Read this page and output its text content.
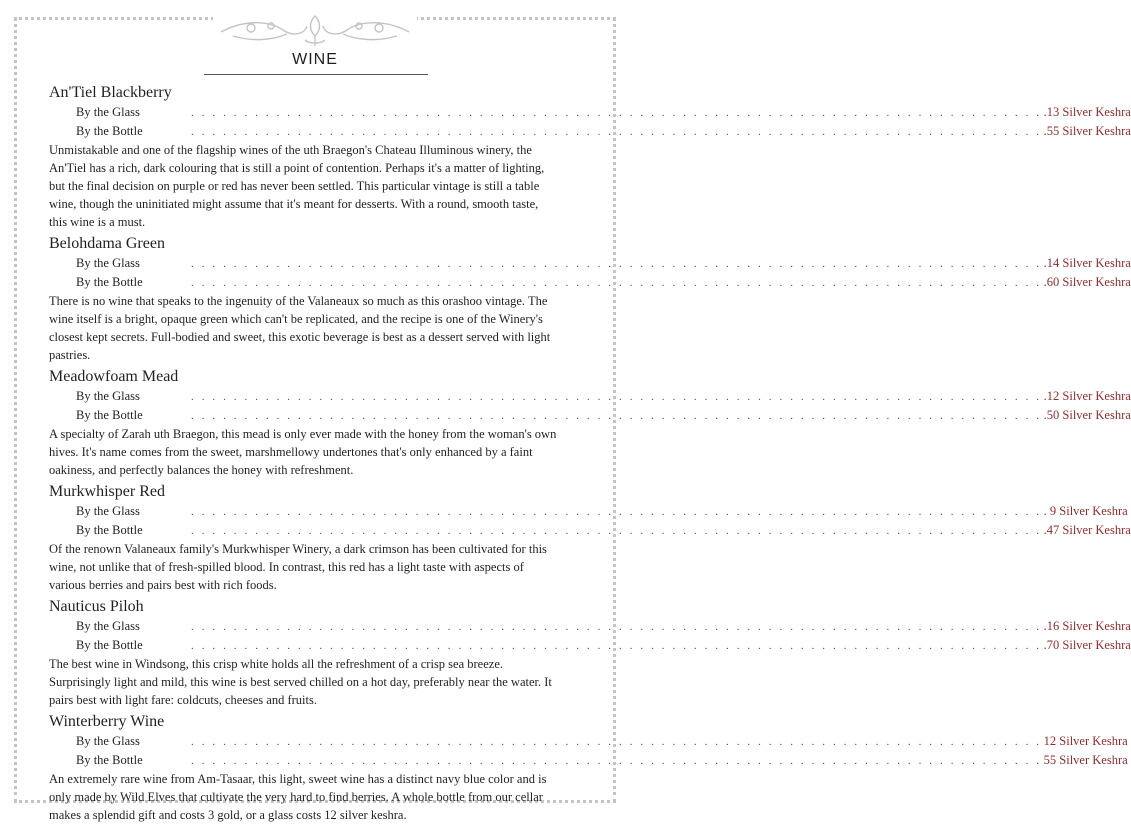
WINE
An'Tiel Blackberry
By the Glass	. . . . . . . . . . . . . . . . . . . . . . . . . . . . . . . . . . . . . . . . . . . . . . . . . . . . . . . . . . . . . . . . . . . . . . . . . . . . . . . . .13 Silver Keshra
By the Bottle	. . . . . . . . . . . . . . . . . . . . . . . . . . . . . . . . . . . . . . . . . . . . . . . . . . . . . . . . . . . . . . . . . . . . . . . . . . . . . . . . .55 Silver Keshra
Unmistakable and one of the flagship wines of the uth Braegon's Chateau Illuminous winery, the An'Tiel has a rich, dark colouring that is still a point of contention. Perhaps it's a matter of lighting, but the final decision on purple or red has never been settled. This particular vintage is still a table wine, though the uninitiated might assume that it's meant for desserts. With a round, smooth taste, this wine is a must.
Belohdama Green
By the Glass	. . . . . . . . . . . . . . . . . . . . . . . . . . . . . . . . . . . . . . . . . . . . . . . . . . . . . . . . . . . . . . . . . . . . . . . . . . . . . . . . .14 Silver Keshra
By the Bottle	. . . . . . . . . . . . . . . . . . . . . . . . . . . . . . . . . . . . . . . . . . . . . . . . . . . . . . . . . . . . . . . . . . . . . . . . . . . . . . . . .60 Silver Keshra
There is no wine that speaks to the ingenuity of the Valaneaux so much as this orashoo vintage. The wine itself is a bright, opaque green which can't be replicated, and the recipe is one of the Winery's closest kept secrets. Full-bodied and sweet, this exotic beverage is best as a dessert served with light pastries.
Meadowfoam Mead
By the Glass	. . . . . . . . . . . . . . . . . . . . . . . . . . . . . . . . . . . . . . . . . . . . . . . . . . . . . . . . . . . . . . . . . . . . . . . . . . . . . . . . .12 Silver Keshra
By the Bottle	. . . . . . . . . . . . . . . . . . . . . . . . . . . . . . . . . . . . . . . . . . . . . . . . . . . . . . . . . . . . . . . . . . . . . . . . . . . . . . . . .50 Silver Keshra
A specialty of Zarah uth Braegon, this mead is only ever made with the honey from the woman's own hives. It's name comes from the sweet, marshmellowy undertones that's only enhanced by a faint oakiness, and perfectly balances the honey with refreshment.
Murkwhisper Red
By the Glass	. . . . . . . . . . . . . . . . . . . . . . . . . . . . . . . . . . . . . . . . . . . . . . . . . . . . . . . . . . . . . . . . . . . . . . . . . . . . . . . . . 9 Silver Keshra
By the Bottle	. . . . . . . . . . . . . . . . . . . . . . . . . . . . . . . . . . . . . . . . . . . . . . . . . . . . . . . . . . . . . . . . . . . . . . . . . . . . . . . . .47 Silver Keshra
Of the renown Valaneaux family's Murkwhisper Winery, a dark crimson has been cultivated for this wine, not unlike that of fresh-spilled blood. In contrast, this red has a light taste with aspects of various berries and pairs best with rich foods.
Nauticus Piloh
By the Glass	. . . . . . . . . . . . . . . . . . . . . . . . . . . . . . . . . . . . . . . . . . . . . . . . . . . . . . . . . . . . . . . . . . . . . . . . . . . . . . . . .16 Silver Keshra
By the Bottle	. . . . . . . . . . . . . . . . . . . . . . . . . . . . . . . . . . . . . . . . . . . . . . . . . . . . . . . . . . . . . . . . . . . . . . . . . . . . . . . . .70 Silver Keshra
The best wine in Windsong, this crisp white holds all the refreshment of a crisp sea breeze. Surprisingly light and mild, this wine is best served chilled on a hot day, preferably near the water. It pairs best with light fare: coldcuts, cheeses and fruits.
Winterberry Wine
By the Glass	. . . . . . . . . . . . . . . . . . . . . . . . . . . . . . . . . . . . . . . . . . . . . . . . . . . . . . . . . . . . . . . . . . . . . . . . . . . . . . . . 12 Silver Keshra
By the Bottle	. . . . . . . . . . . . . . . . . . . . . . . . . . . . . . . . . . . . . . . . . . . . . . . . . . . . . . . . . . . . . . . . . . . . . . . . . . . . . . . . 55 Silver Keshra
An extremely rare wine from Am-Tasaar, this light, sweet wine has a distinct navy blue color and is only made by Wild Elves that cultivate the very hard to find berries. A whole bottle from our cellar makes a splendid gift and costs 3 gold, or a glass costs 12 silver keshra.
